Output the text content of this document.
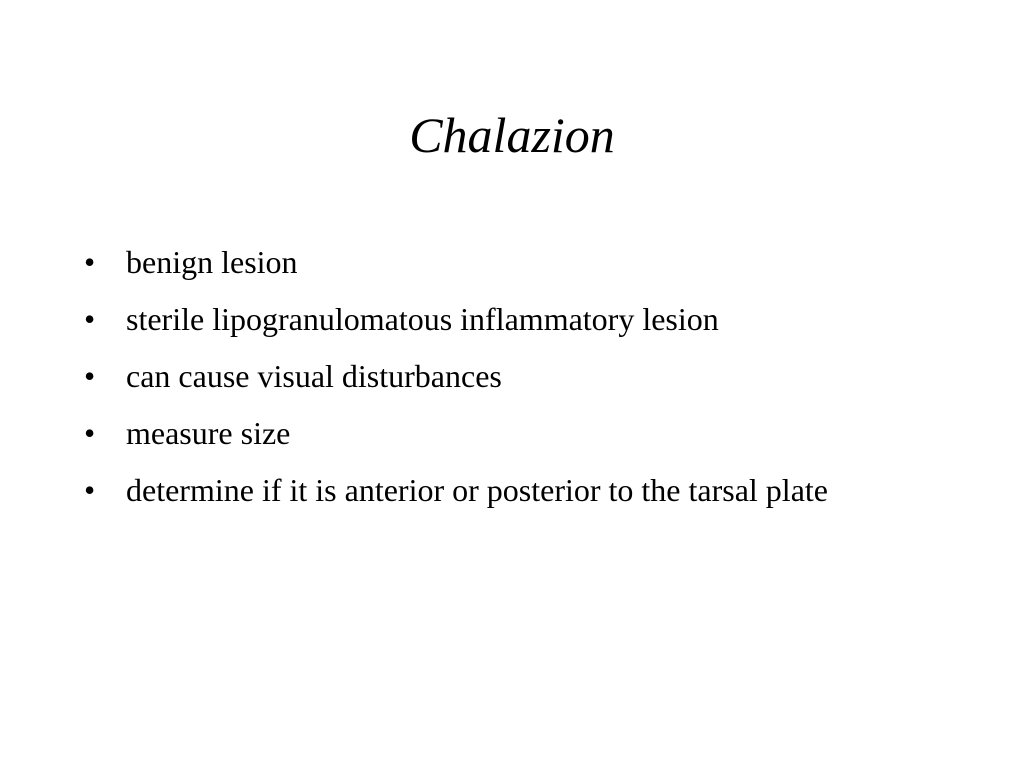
Chalazion
• benign lesion
• sterile lipogranulomatous inflammatory lesion
• can cause visual disturbances
• measure size
• determine if it is anterior or posterior to the tarsal plate
